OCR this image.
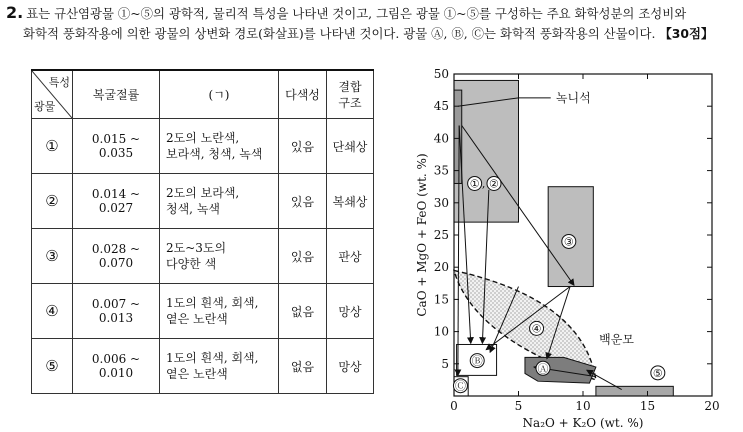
2. 표는 규산염광물 ①~⑤의 광학적, 물리적 특성을 나타낸 것이고, 그림은 광물 ①~⑤를 구성하는 주요 화학성분의 조성비와
화학적 풍화작용에 의한 광물의 상변화 경로(화살표)를 나타낸 것이다. 광물 Ⓐ, Ⓑ, Ⓒ는 화학적 풍화작용의 산물이다. 【30점】
특성
광물	복굴절률	(ㄱ)	다색성	결합
구조
①	0.015 ~ 0.035	2도의 노란색,
보라색, 청색, 녹색	있음	단쇄상
②	0.014 ~ 0.027	2도의 보라색,
청색, 녹색	있음	복쇄상
③	0.028 ~ 0.070	2도~3도의
다양한 색	있음	판상
④	0.007 ~ 0.013	1도의 흰색, 회색,
옅은 노란색	없음	망상
⑤	0.006 ~ 0.010	1도의 흰색, 회색,
옅은 노란색	없음	망상
0	5	10	15	20
5
10
15
20
25
30
35
40
45
50
Na₂O + K₂O (wt. %)
CaO + MgO + FeO (wt. %)
녹니석
① , ②
③
④
⑤
Ⓐ
Ⓑ
Ⓒ
백운모
